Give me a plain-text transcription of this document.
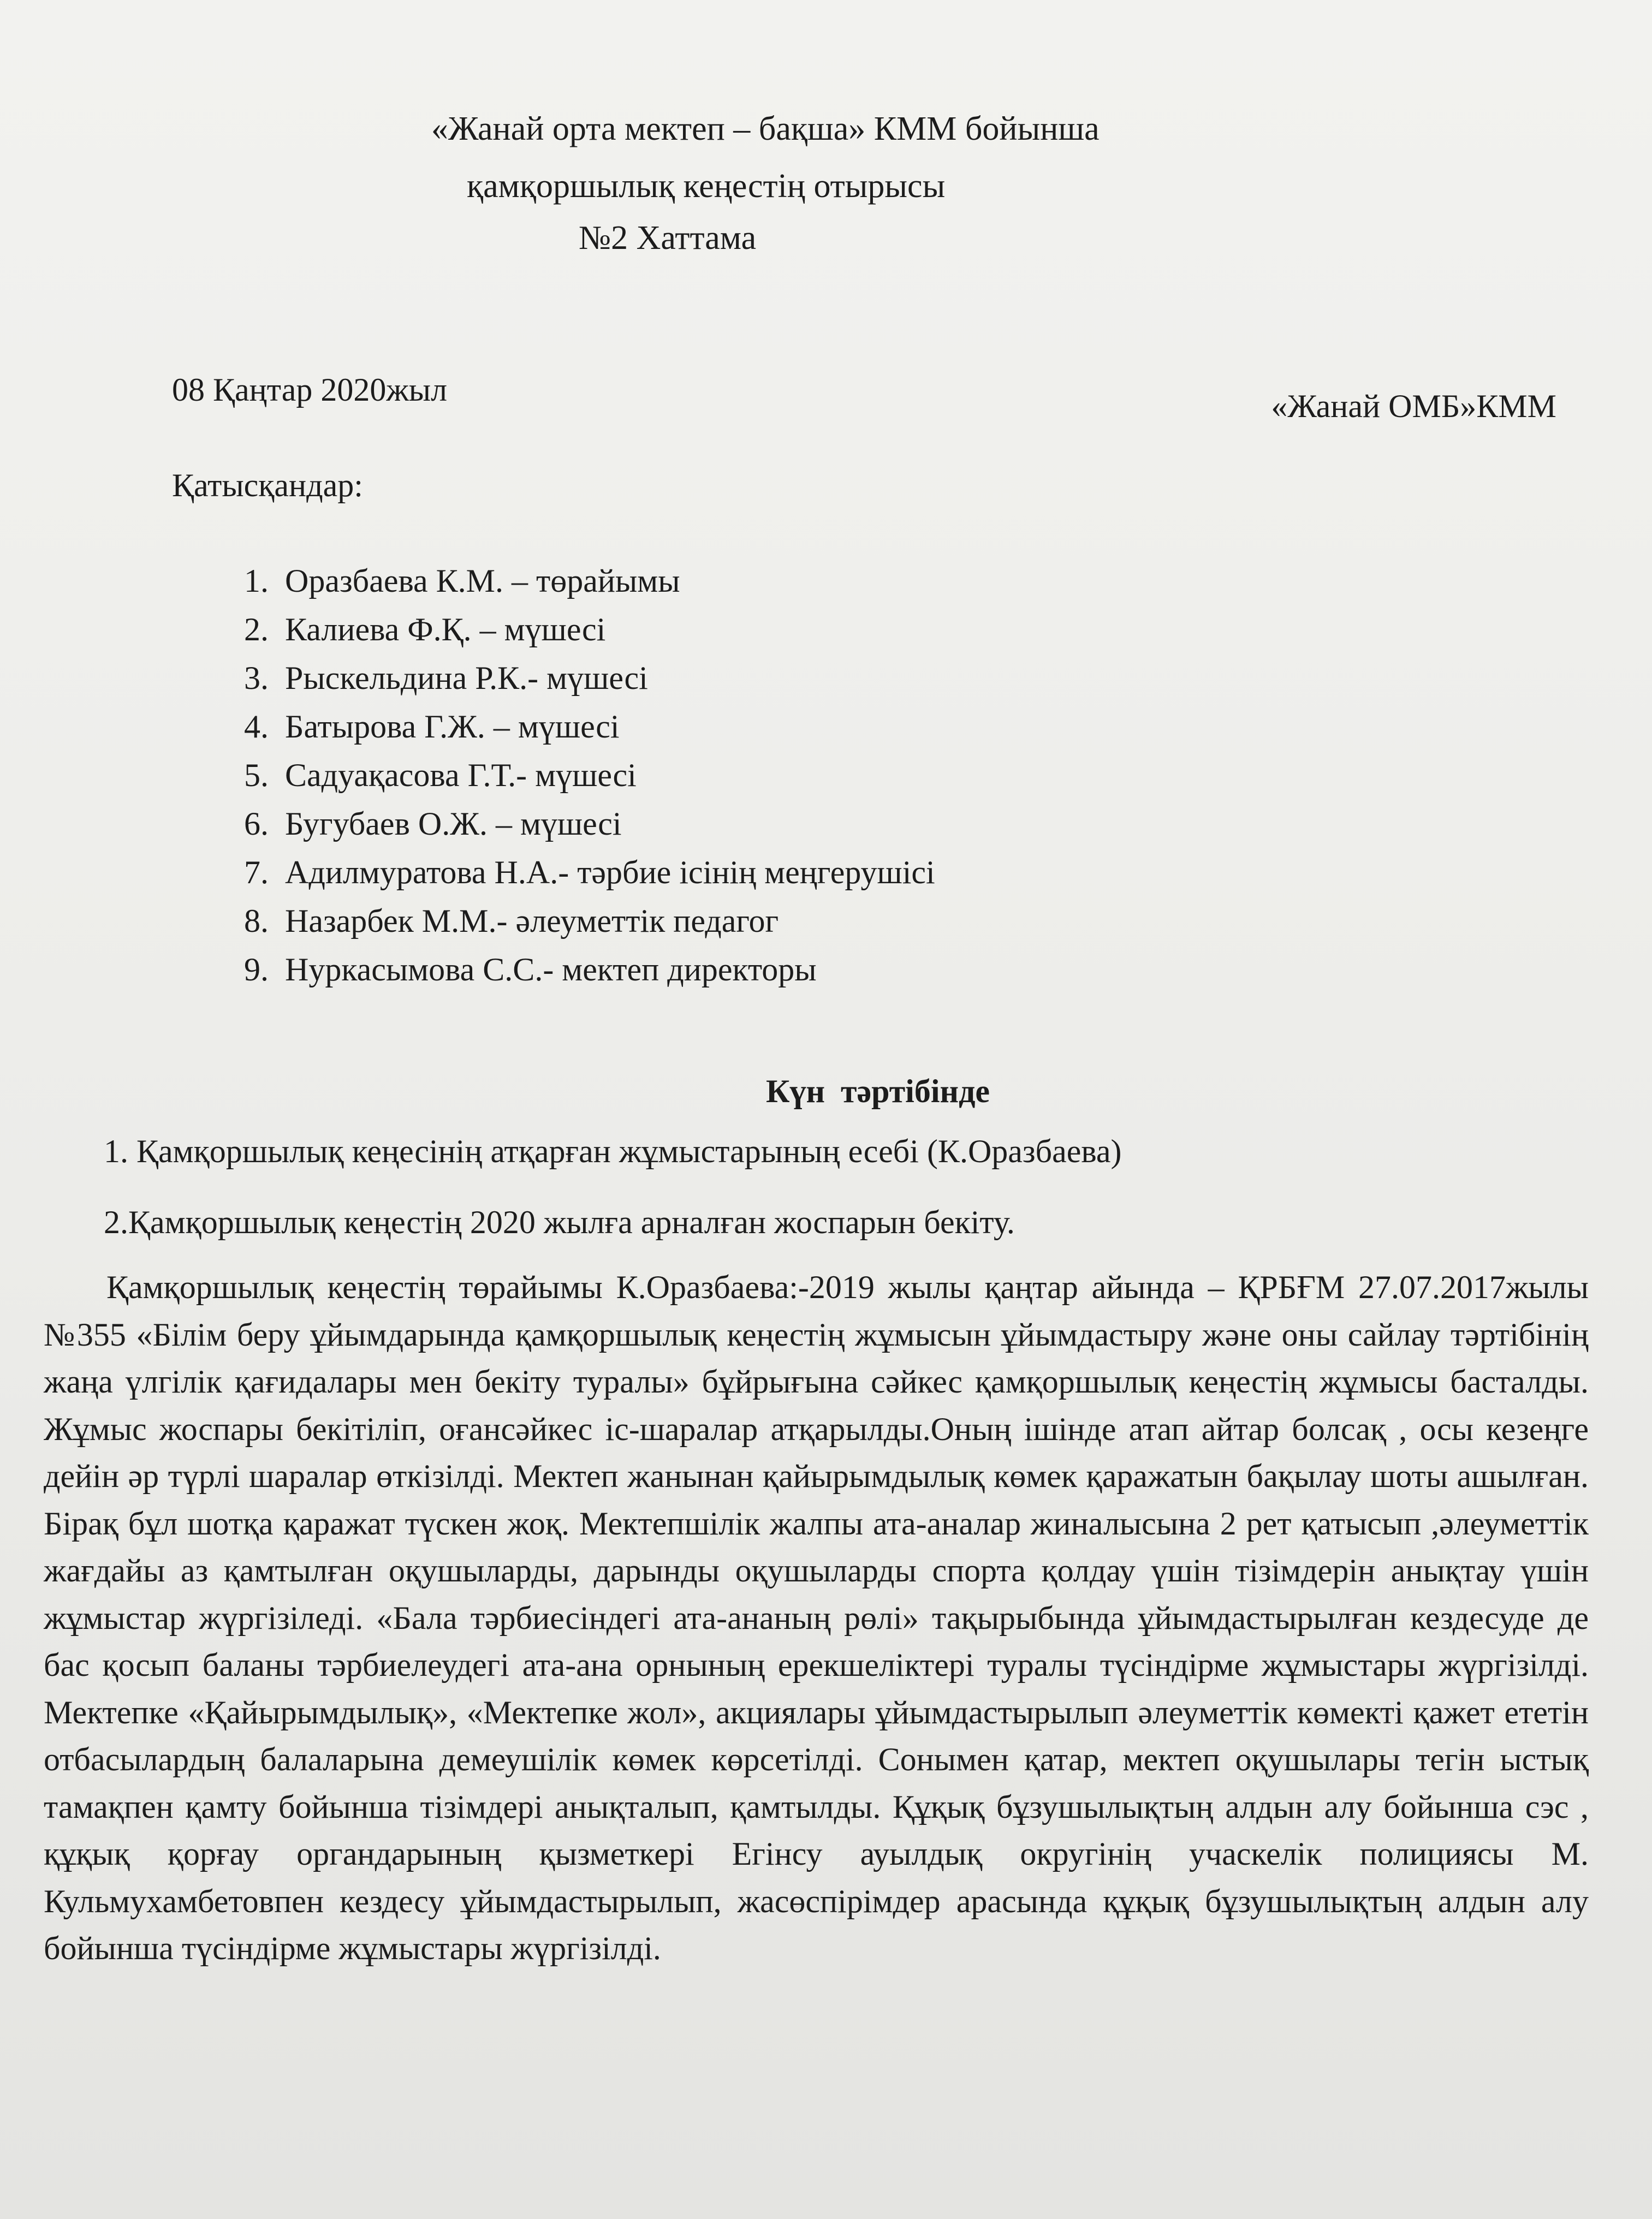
«Жанай орта мектеп – бақша» КММ бойынша
қамқоршылық кеңестің отырысы
№2 Хаттама
08 Қаңтар 2020жыл	«Жанай ОМБ»КММ
Қатысқандар:
1. Оразбаева К.М. – төрайымы
2. Калиева Ф.Қ. – мүшесі
3. Рыскельдина Р.К.- мүшесі
4. Батырова Г.Ж. – мүшесі
5. Садуақасова Г.Т.- мүшесі
6. Бугубаев О.Ж. – мүшесі
7. Адилмуратова Н.А.- тәрбие ісінің меңгерушісі
8. Назарбек М.М.- әлеуметтік педагог
9. Нуркасымова С.С.- мектеп директоры
Күн тәртібінде
1. Қамқоршылық кеңесінің атқарған жұмыстарының есебі (К.Оразбаева)
2.Қамқоршылық кеңестің 2020 жылға арналған жоспарын бекіту.

Қамқоршылық кеңестің төрайымы К.Оразбаева:-2019 жылы қаңтар айында – ҚРБҒМ 27.07.2017жылы №355 «Білім беру ұйымдарында қамқоршылық кеңестің жұмысын ұйымдастыру және оны сайлау тәртібінің жаңа үлгілік қағидалары мен бекіту туралы» бұйрығына сәйкес қамқоршылық кеңестің жұмысы басталды. Жұмыс жоспары бекітіліп, оғансәйкес іс-шаралар атқарылды.Оның ішінде атап айтар болсақ , осы кезеңге дейін әр түрлі шаралар өткізілді. Мектеп жанынан қайырымдылық көмек қаражатын бақылау шоты ашылған. Бірақ бұл шотқа қаражат түскен жоқ. Мектепшілік жалпы ата-аналар жиналысына 2 рет қатысып ,әлеуметтік жағдайы аз қамтылған оқушыларды, дарынды оқушыларды спорта қолдау үшін тізімдерін анықтау үшін жұмыстар жүргізіледі. «Бала тәрбиесіндегі ата-ананың рөлі» тақырыбында ұйымдастырылған кездесуде де бас қосып баланы тәрбиелеудегі ата-ана орнының ерекшеліктері туралы түсіндірме жұмыстары жүргізілді. Мектепке «Қайырымдылық», «Мектепке жол», акциялары ұйымдастырылып әлеуметтік көмекті қажет ететін отбасылардың балаларына демеушілік көмек көрсетілді. Сонымен қатар, мектеп оқушылары тегін ыстық тамақпен қамту бойынша тізімдері анықталып, қамтылды. Құқық бұзушылықтың алдын алу бойынша сэс , құқық қорғау органдарының қызметкері Егінсу ауылдық округінің учаскелік полициясы М. Кульмухамбетовпен кездесу ұйымдастырылып, жасөспірімдер арасында құқық бұзушылықтың алдын алу бойынша түсіндірме жұмыстары жүргізілді.
